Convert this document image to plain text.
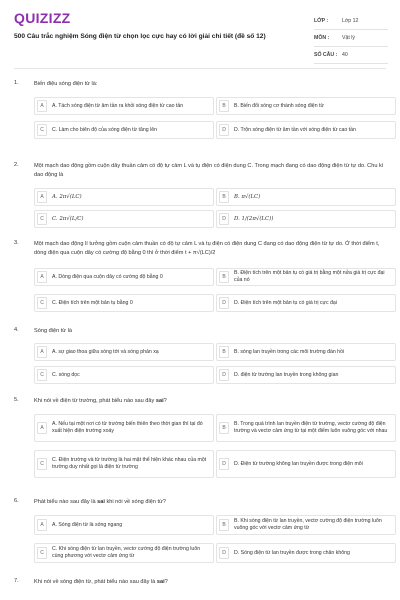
QUIZIZZ
500 Câu trắc nghiệm Sóng điện từ chọn lọc cực hay có lời giải chi tiết (đề số 12)
LỚP :	Lớp 12
MÔN :	Vật lý
SỐ CÂU : 40
1.	Biến điệu sóng điện từ là:
A	A. Tách sóng điện từ âm tần ra khỏi sóng điện từ cao tần	B	B. Biến đổi sóng cơ thành sóng điện từ
C	C. Làm cho biên độ của sóng điện từ tăng lên	D	D. Trộn sóng điện từ âm tần với sóng điện từ cao tần
2.	Một mạch dao động gồm cuộn dây thuần cảm có độ tự cảm L và tụ điện có điện dung C. Trong mạch đang có dao động điện từ tự do. Chu kì dao động là
A	A. 2π√(LC)	B	B. π√(LC)
C	C. 2π√(L/C)	D	D. 1/(2π√(LC))
3.	Một mạch dao động lí tưởng gồm cuộn cảm thuần có độ tự cảm L và tụ điện có điện dung C đang có dao động điện từ tự do. Ở thời điểm t, dòng điện qua cuộn dây có cường độ bằng 0 thì ở thời điểm t + π√(LC)/2
A	A. Dòng điện qua cuộn dây có cường độ bằng 0	B
B. Điện tích trên một bản tụ có giá trị bằng một nửa giá trị cực đại của nó
C	C. Điện tích trên một bản tụ bằng 0	D	D. Điện tích trên một bản tụ có giá trị cực đại
4.	Sóng điện từ là
A	A. sự giao thoa giữa sóng tới và sóng phản xạ	B	B. sóng lan truyền trong các môi trường đàn hồi
C	C. sóng dọc	D	D. điện từ trường lan truyền trong không gian
5.	Khi nói về điện từ trường, phát biểu nào sau đây sai?
A
A. Nếu tại một nơi có từ trường biến thiên theo thời gian thì tại đó xuất hiện điện trường xoáy	B
B. Trong quá trình lan truyền điện từ trường, vectơ cường độ điện trường và vectơ cảm ứng từ tại một điểm luôn vuông góc với nhau
C
C. Điện trường và từ trường là hai mặt thể hiện khác nhau của một trường duy nhất gọi là điện từ trường	D	D. Điện từ trường không lan truyền được trong điện môi
6.	Phát biểu nào sau đây là sai khi nói về sóng điện từ?
A	A. Sóng điện từ là sóng ngang	B
B. Khi sóng điện từ lan truyền, vectơ cường độ điện trường luôn vuông góc với vectơ cảm ứng từ
C
C. Khi sóng điện từ lan truyền, vectơ cường độ điện trường luôn cùng phương với vectơ cảm ứng từ	D	D. Sóng điện từ lan truyền được trong chân không
7.	Khi nói về sóng điện từ, phát biểu nào sau đây là sai?
